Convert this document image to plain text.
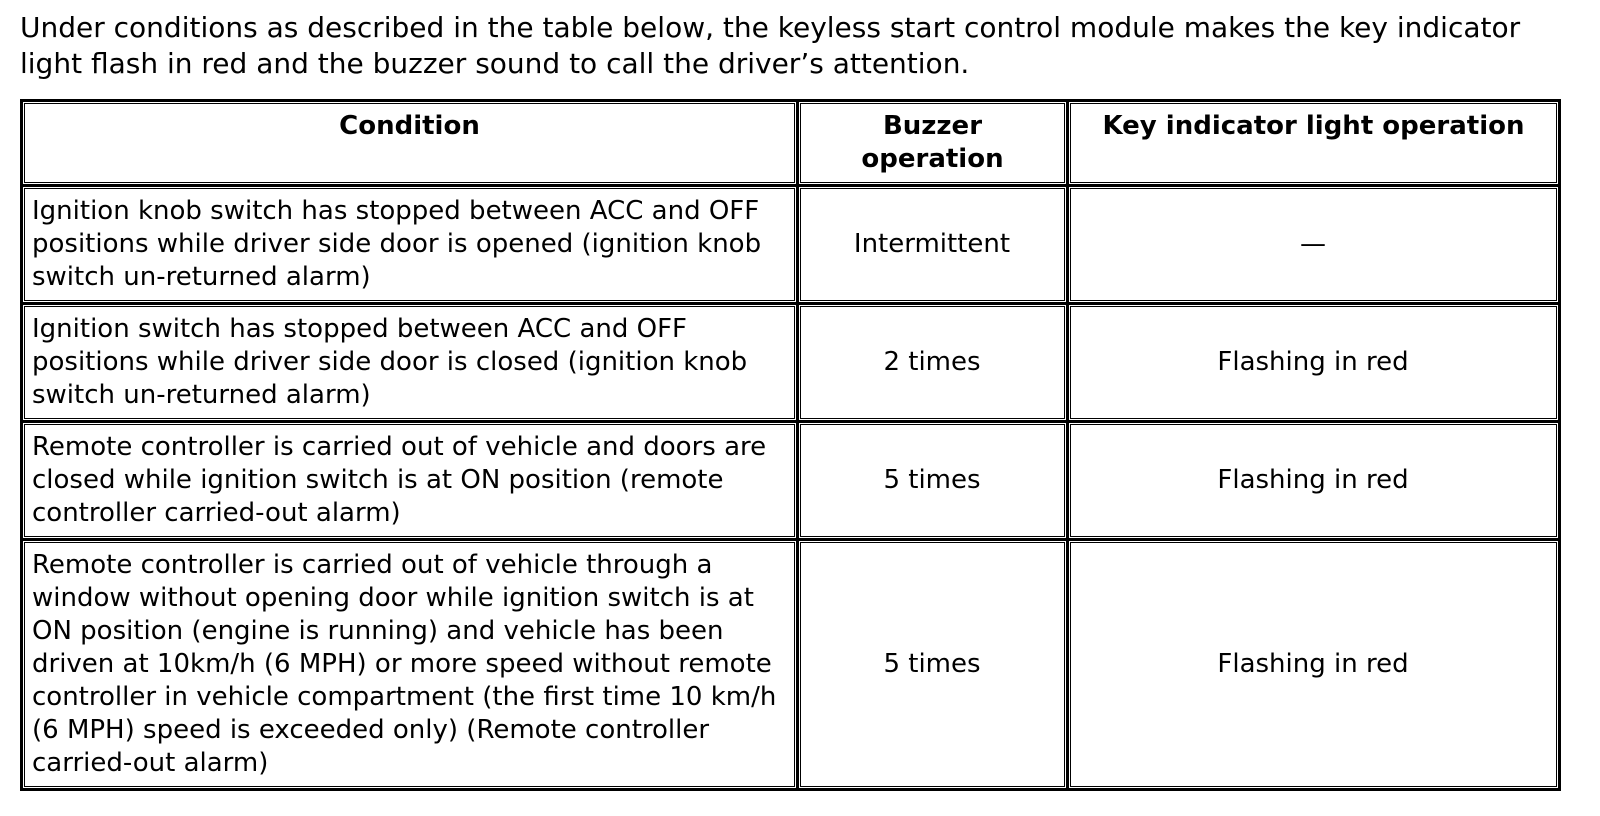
Under conditions as described in the table below, the keyless start control module makes the key indicator light flash in red and the buzzer sound to call the driver’s attention.

Condition	Buzzer operation	Key indicator light operation
Ignition knob switch has stopped between ACC and OFF positions while driver side door is opened (ignition knob switch un-returned alarm)	Intermittent	—
Ignition switch has stopped between ACC and OFF positions while driver side door is closed (ignition knob switch un-returned alarm)	2 times	Flashing in red
Remote controller is carried out of vehicle and doors are closed while ignition switch is at ON position (remote controller carried-out alarm)	5 times	Flashing in red
Remote controller is carried out of vehicle through a window without opening door while ignition switch is at ON position (engine is running) and vehicle has been driven at 10km/h (6 MPH) or more speed without remote controller in vehicle compartment (the first time 10 km/h (6 MPH) speed is exceeded only) (Remote controller carried-out alarm)	5 times	Flashing in red
